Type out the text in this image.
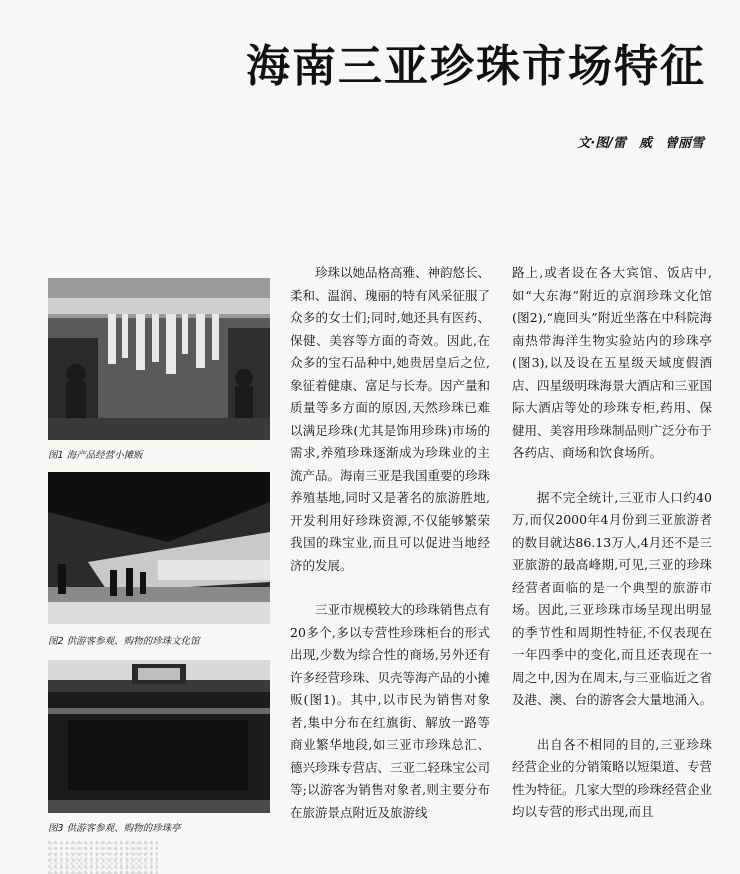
海南三亚珍珠市场特征
文·图/雷　威　曾丽雪
图1 海产品经营小摊贩
图2 供游客参观、购物的珍珠文化馆
图3 供游客参观、购物的珍珠亭

珍珠以她品格高雅、神韵悠长、柔和、温润、瑰丽的特有风采征服了众多的女士们;同时,她还具有医药、保健、美容等方面的奇效。因此,在众多的宝石品种中,她贵居皇后之位,象征着健康、富足与长寿。因产量和质量等多方面的原因,天然珍珠已难以满足珍珠(尤其是饰用珍珠)市场的需求,养殖珍珠逐渐成为珍珠业的主流产品。海南三亚是我国重要的珍珠养殖基地,同时又是著名的旅游胜地,开发利用好珍珠资源,不仅能够繁荣我国的珠宝业,而且可以促进当地经济的发展。

三亚市规模较大的珍珠销售点有20多个,多以专营性珍珠柜台的形式出现,少数为综合性的商场,另外还有许多经营珍珠、贝壳等海产品的小摊贩(图1)。其中,以市民为销售对象者,集中分布在红旗街、解放一路等商业繁华地段,如三亚市珍珠总汇、德兴珍珠专营店、三亚二轻珠宝公司等;以游客为销售对象者,则主要分布在旅游景点附近及旅游线

路上,或者设在各大宾馆、饭店中,如“大东海”附近的京润珍珠文化馆(图2),“鹿回头”附近坐落在中科院海南热带海洋生物实验站内的珍珠亭(图3),以及设在五星级天域度假酒店、四星级明珠海景大酒店和三亚国际大酒店等处的珍珠专柜,药用、保健用、美容用珍珠制品则广泛分布于各药店、商场和饮食场所。

据不完全统计,三亚市人口约40万,而仅2000年4月份到三亚旅游者的数目就达86.13万人,4月还不是三亚旅游的最高峰期,可见,三亚的珍珠经营者面临的是一个典型的旅游市场。因此,三亚珍珠市场呈现出明显的季节性和周期性特征,不仅表现在一年四季中的变化,而且还表现在一周之中,因为在周末,与三亚临近之省及港、澳、台的游客会大量地涌入。

出自各不相同的目的,三亚珍珠经营企业的分销策略以短渠道、专营性为特征。几家大型的珍珠经营企业均以专营的形式出现,而且
